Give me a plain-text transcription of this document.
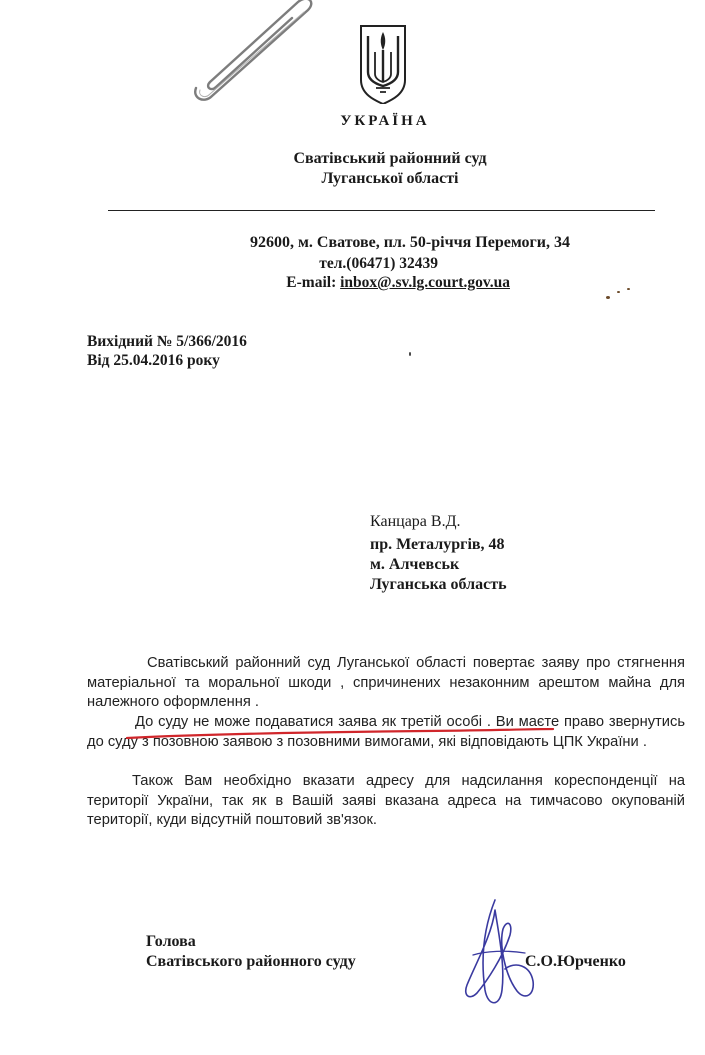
УКРАЇНА
Сватівський районний суд
Луганської області
92600, м. Сватове, пл. 50-річчя Перемоги, 34
тел.(06471) 32439
E-mail: inbox@.sv.lg.court.gov.ua
Вихідний № 5/366/2016
Від 25.04.2016 року
Канцара В.Д.
пр. Металургів, 48
м. Алчевськ
Луганська область
Сватівський районний суд Луганської області повертає заяву про стягнення матеріальної та моральної шкоди , спричинених незаконним арештом майна для належного оформлення .
До суду не може подаватися заява як третій особі . Ви маєте право звернутись до суду з позовною заявою з позовними вимогами, які відповідають ЦПК України .
Також Вам необхідно вказати адресу для надсилання кореспонденції на території України, так як в Вашій заяві вказана адреса на тимчасово окупованій території, куди відсутній поштовий зв'язок.
Голова
Сватівського районного суду	С.О.Юрченко
